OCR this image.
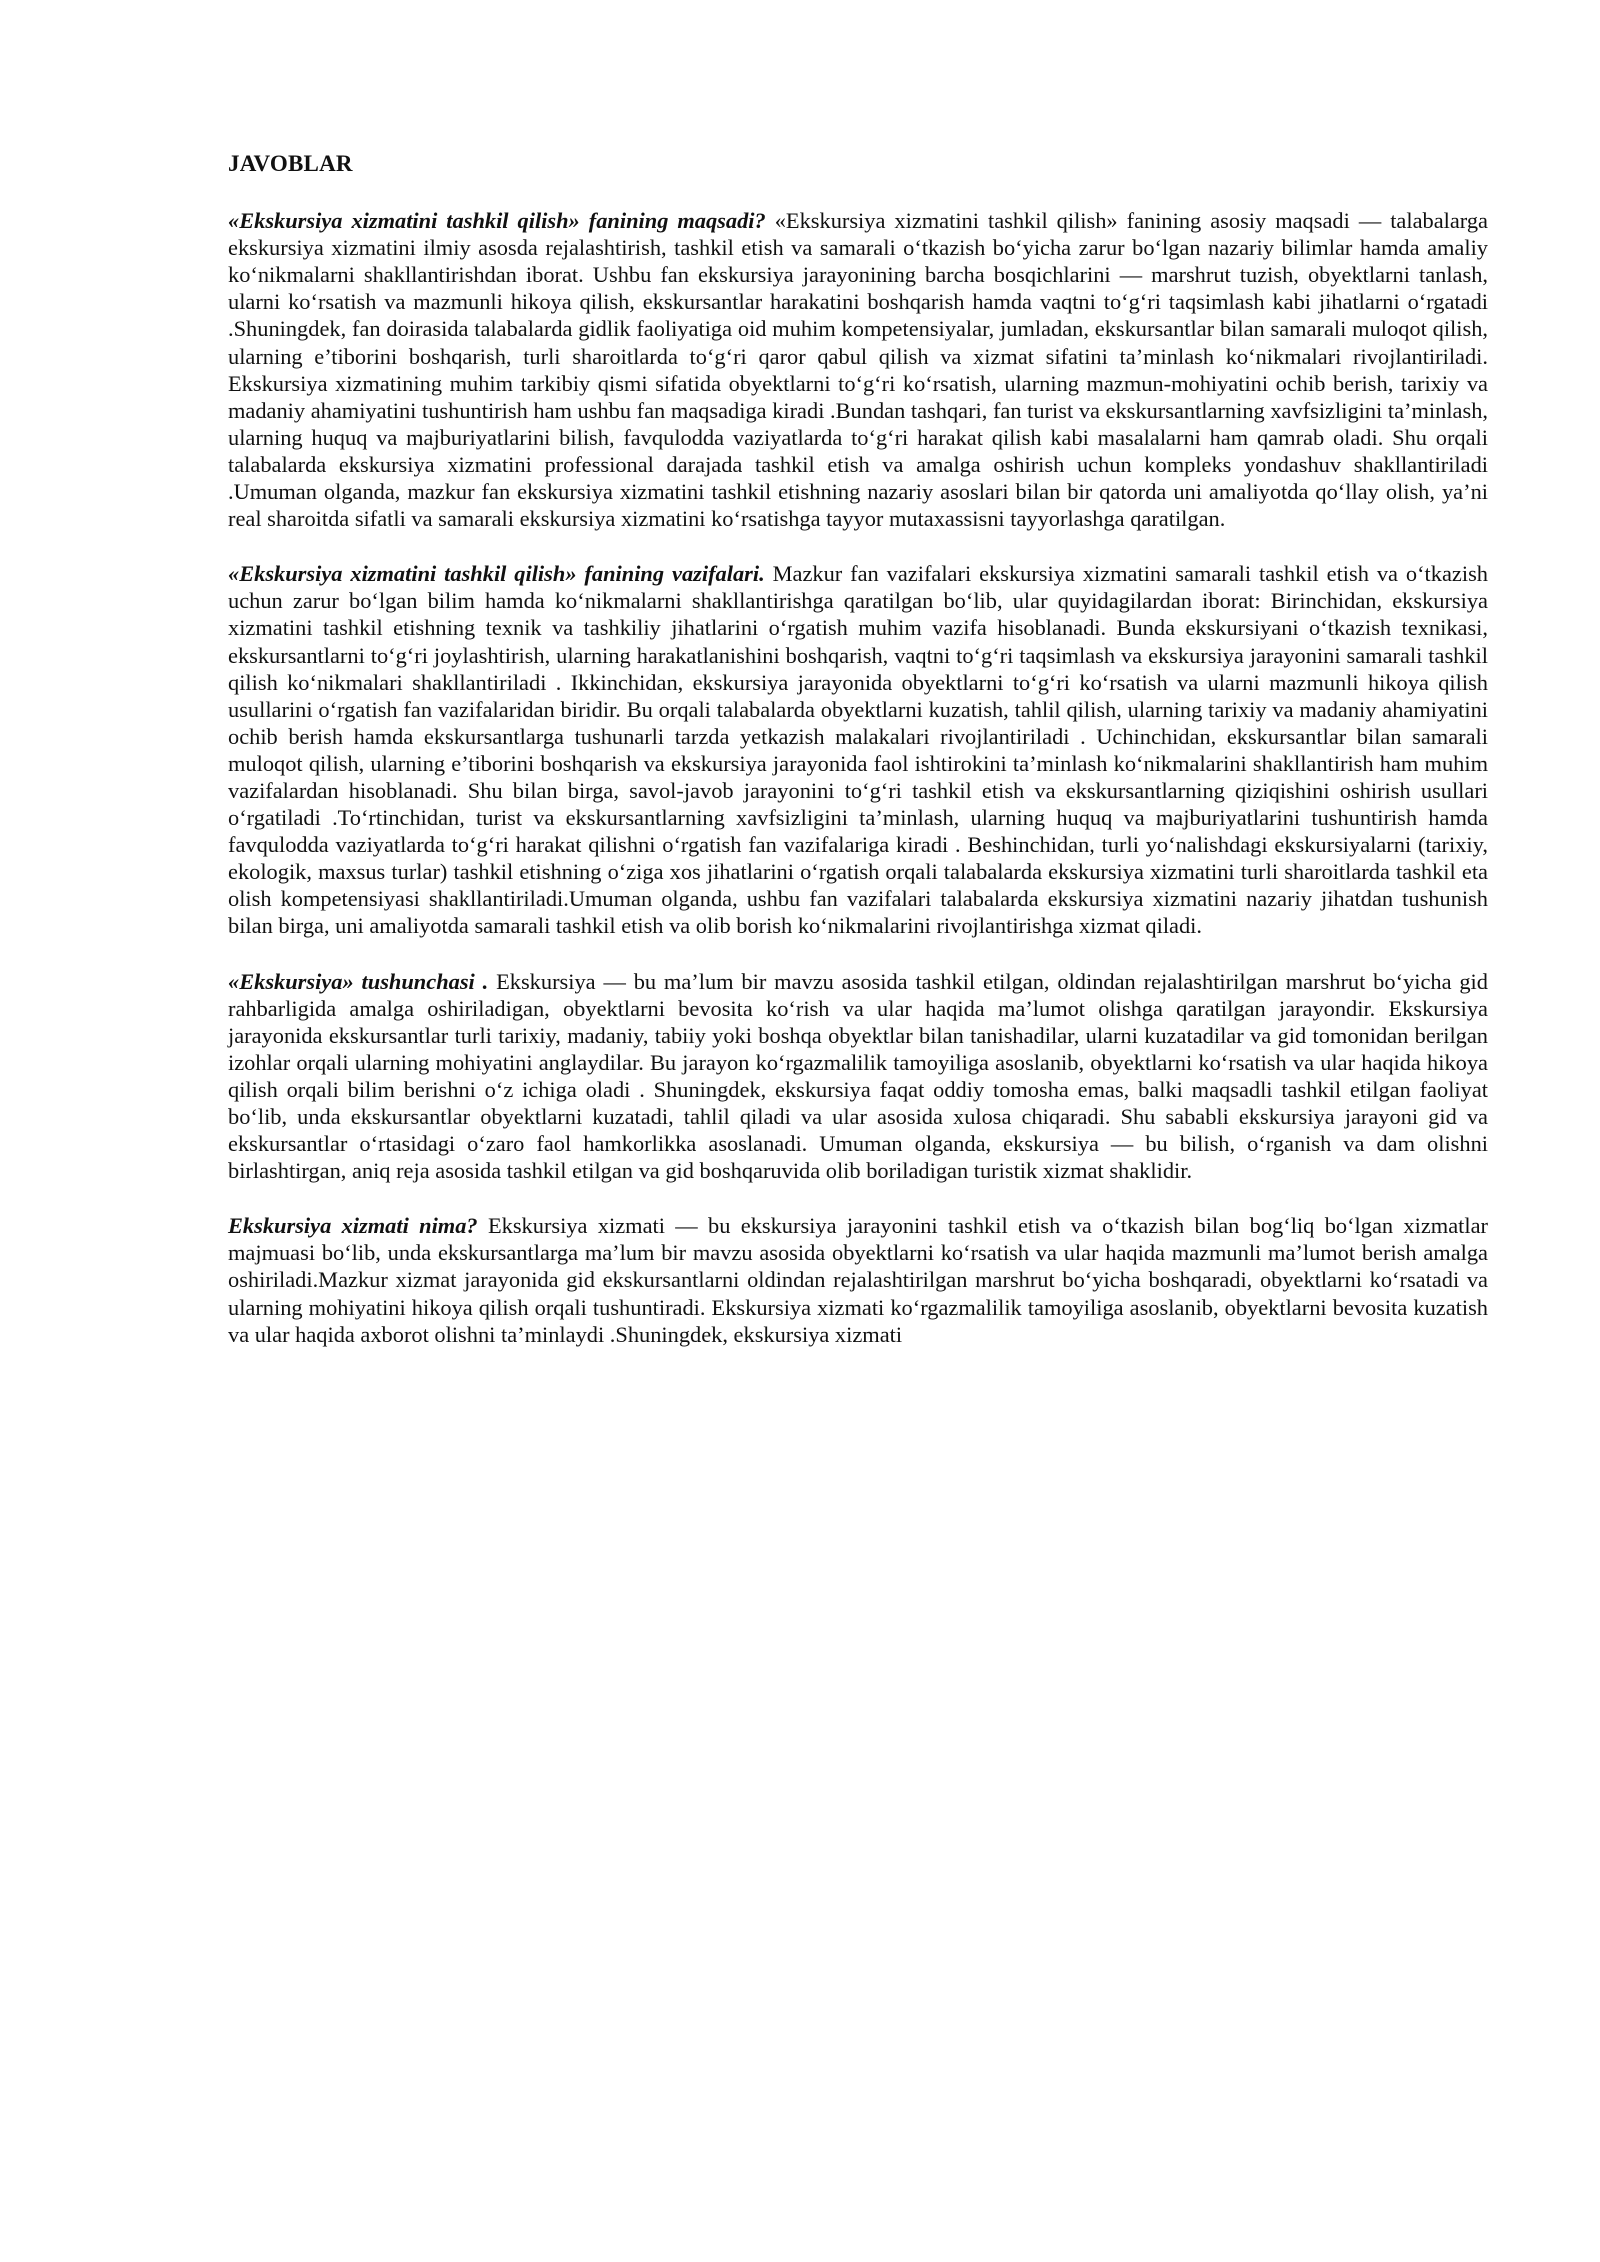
JAVOBLAR

«Ekskursiya xizmatini tashkil qilish» fanining maqsadi? «Ekskursiya xizmatini tashkil qilish» fanining asosiy maqsadi — talabalarga ekskursiya xizmatini ilmiy asosda rejalashtirish, tashkil etish va samarali o‘tkazish bo‘yicha zarur bo‘lgan nazariy bilimlar hamda amaliy ko‘nikmalarni shakllantirishdan iborat. Ushbu fan ekskursiya jarayonining barcha bosqichlarini — marshrut tuzish, obyektlarni tanlash, ularni ko‘rsatish va mazmunli hikoya qilish, ekskursantlar harakatini boshqarish hamda vaqtni to‘g‘ri taqsimlash kabi jihatlarni o‘rgatadi .Shuningdek, fan doirasida talabalarda gidlik faoliyatiga oid muhim kompetensiyalar, jumladan, ekskursantlar bilan samarali muloqot qilish, ularning e’tiborini boshqarish, turli sharoitlarda to‘g‘ri qaror qabul qilish va xizmat sifatini ta’minlash ko‘nikmalari rivojlantiriladi. Ekskursiya xizmatining muhim tarkibiy qismi sifatida obyektlarni to‘g‘ri ko‘rsatish, ularning mazmun-mohiyatini ochib berish, tarixiy va madaniy ahamiyatini tushuntirish ham ushbu fan maqsadiga kiradi .Bundan tashqari, fan turist va ekskursantlarning xavfsizligini ta’minlash, ularning huquq va majburiyatlarini bilish, favqulodda vaziyatlarda to‘g‘ri harakat qilish kabi masalalarni ham qamrab oladi. Shu orqali talabalarda ekskursiya xizmatini professional darajada tashkil etish va amalga oshirish uchun kompleks yondashuv shakllantiriladi .Umuman olganda, mazkur fan ekskursiya xizmatini tashkil etishning nazariy asoslari bilan bir qatorda uni amaliyotda qo‘llay olish, ya’ni real sharoitda sifatli va samarali ekskursiya xizmatini ko‘rsatishga tayyor mutaxassisni tayyorlashga qaratilgan.

«Ekskursiya xizmatini tashkil qilish» fanining vazifalari. Mazkur fan vazifalari ekskursiya xizmatini samarali tashkil etish va o‘tkazish uchun zarur bo‘lgan bilim hamda ko‘nikmalarni shakllantirishga qaratilgan bo‘lib, ular quyidagilardan iborat: Birinchidan, ekskursiya xizmatini tashkil etishning texnik va tashkiliy jihatlarini o‘rgatish muhim vazifa hisoblanadi. Bunda ekskursiyani o‘tkazish texnikasi, ekskursantlarni to‘g‘ri joylashtirish, ularning harakatlanishini boshqarish, vaqtni to‘g‘ri taqsimlash va ekskursiya jarayonini samarali tashkil qilish ko‘nikmalari shakllantiriladi . Ikkinchidan, ekskursiya jarayonida obyektlarni to‘g‘ri ko‘rsatish va ularni mazmunli hikoya qilish usullarini o‘rgatish fan vazifalaridan biridir. Bu orqali talabalarda obyektlarni kuzatish, tahlil qilish, ularning tarixiy va madaniy ahamiyatini ochib berish hamda ekskursantlarga tushunarli tarzda yetkazish malakalari rivojlantiriladi . Uchinchidan, ekskursantlar bilan samarali muloqot qilish, ularning e’tiborini boshqarish va ekskursiya jarayonida faol ishtirokini ta’minlash ko‘nikmalarini shakllantirish ham muhim vazifalardan hisoblanadi. Shu bilan birga, savol-javob jarayonini to‘g‘ri tashkil etish va ekskursantlarning qiziqishini oshirish usullari o‘rgatiladi .To‘rtinchidan, turist va ekskursantlarning xavfsizligini ta’minlash, ularning huquq va majburiyatlarini tushuntirish hamda favqulodda vaziyatlarda to‘g‘ri harakat qilishni o‘rgatish fan vazifalariga kiradi . Beshinchidan, turli yo‘nalishdagi ekskursiyalarni (tarixiy, ekologik, maxsus turlar) tashkil etishning o‘ziga xos jihatlarini o‘rgatish orqali talabalarda ekskursiya xizmatini turli sharoitlarda tashkil eta olish kompetensiyasi shakllantiriladi.Umuman olganda, ushbu fan vazifalari talabalarda ekskursiya xizmatini nazariy jihatdan tushunish bilan birga, uni amaliyotda samarali tashkil etish va olib borish ko‘nikmalarini rivojlantirishga xizmat qiladi.

«Ekskursiya» tushunchasi . Ekskursiya — bu ma’lum bir mavzu asosida tashkil etilgan, oldindan rejalashtirilgan marshrut bo‘yicha gid rahbarligida amalga oshiriladigan, obyektlarni bevosita ko‘rish va ular haqida ma’lumot olishga qaratilgan jarayondir. Ekskursiya jarayonida ekskursantlar turli tarixiy, madaniy, tabiiy yoki boshqa obyektlar bilan tanishadilar, ularni kuzatadilar va gid tomonidan berilgan izohlar orqali ularning mohiyatini anglaydilar. Bu jarayon ko‘rgazmalilik tamoyiliga asoslanib, obyektlarni ko‘rsatish va ular haqida hikoya qilish orqali bilim berishni o‘z ichiga oladi . Shuningdek, ekskursiya faqat oddiy tomosha emas, balki maqsadli tashkil etilgan faoliyat bo‘lib, unda ekskursantlar obyektlarni kuzatadi, tahlil qiladi va ular asosida xulosa chiqaradi. Shu sababli ekskursiya jarayoni gid va ekskursantlar o‘rtasidagi o‘zaro faol hamkorlikka asoslanadi. Umuman olganda, ekskursiya — bu bilish, o‘rganish va dam olishni birlashtirgan, aniq reja asosida tashkil etilgan va gid boshqaruvida olib boriladigan turistik xizmat shaklidir.

Ekskursiya xizmati nima? Ekskursiya xizmati — bu ekskursiya jarayonini tashkil etish va o‘tkazish bilan bog‘liq bo‘lgan xizmatlar majmuasi bo‘lib, unda ekskursantlarga ma’lum bir mavzu asosida obyektlarni ko‘rsatish va ular haqida mazmunli ma’lumot berish amalga oshiriladi.Mazkur xizmat jarayonida gid ekskursantlarni oldindan rejalashtirilgan marshrut bo‘yicha boshqaradi, obyektlarni ko‘rsatadi va ularning mohiyatini hikoya qilish orqali tushuntiradi. Ekskursiya xizmati ko‘rgazmalilik tamoyiliga asoslanib, obyektlarni bevosita kuzatish va ular haqida axborot olishni ta’minlaydi .Shuningdek, ekskursiya xizmati
